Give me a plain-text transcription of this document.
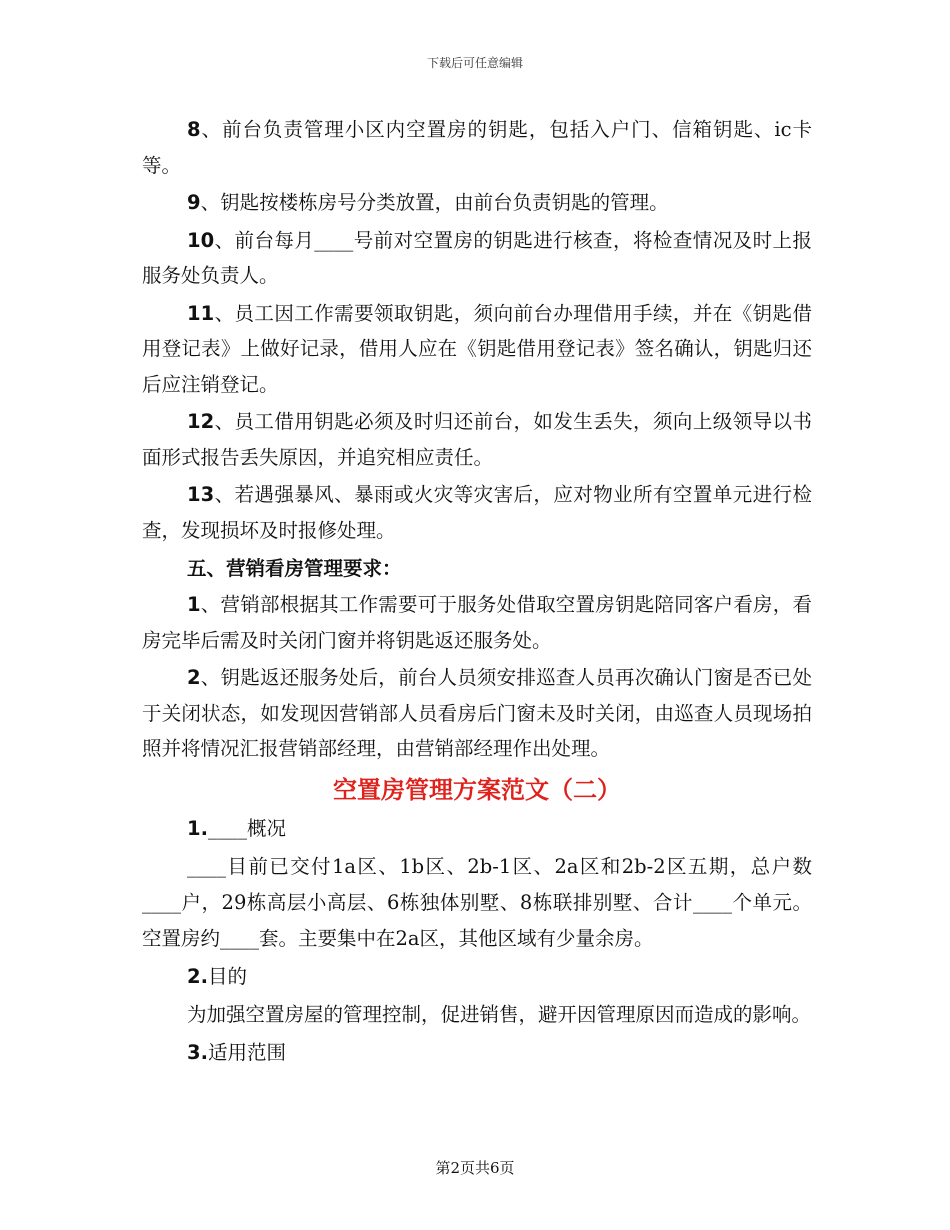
下载后可任意编辑

8、前台负责管理小区内空置房的钥匙，包括入户门、信箱钥匙、ic卡等。

9、钥匙按楼栋房号分类放置，由前台负责钥匙的管理。

10、前台每月____号前对空置房的钥匙进行核查，将检查情况及时上报服务处负责人。

11、员工因工作需要领取钥匙，须向前台办理借用手续，并在《钥匙借用登记表》上做好记录，借用人应在《钥匙借用登记表》签名确认，钥匙归还后应注销登记。

12、员工借用钥匙必须及时归还前台，如发生丢失，须向上级领导以书面形式报告丢失原因，并追究相应责任。

13、若遇强暴风、暴雨或火灾等灾害后，应对物业所有空置单元进行检查，发现损坏及时报修处理。

五、营销看房管理要求：

1、营销部根据其工作需要可于服务处借取空置房钥匙陪同客户看房，看房完毕后需及时关闭门窗并将钥匙返还服务处。

2、钥匙返还服务处后，前台人员须安排巡查人员再次确认门窗是否已处于关闭状态，如发现因营销部人员看房后门窗未及时关闭，由巡查人员现场拍照并将情况汇报营销部经理，由营销部经理作出处理。

空置房管理方案范文（二）

1.____概况

____目前已交付1a区、1b区、2b-1区、2a区和2b-2区五期，总户数____户，29栋高层小高层、6栋独体别墅、8栋联排别墅、合计____个单元。空置房约____套。主要集中在2a区，其他区域有少量余房。

2.目的

为加强空置房屋的管理控制，促进销售，避开因管理原因而造成的影响。

3.适用范围

第2页共6页
